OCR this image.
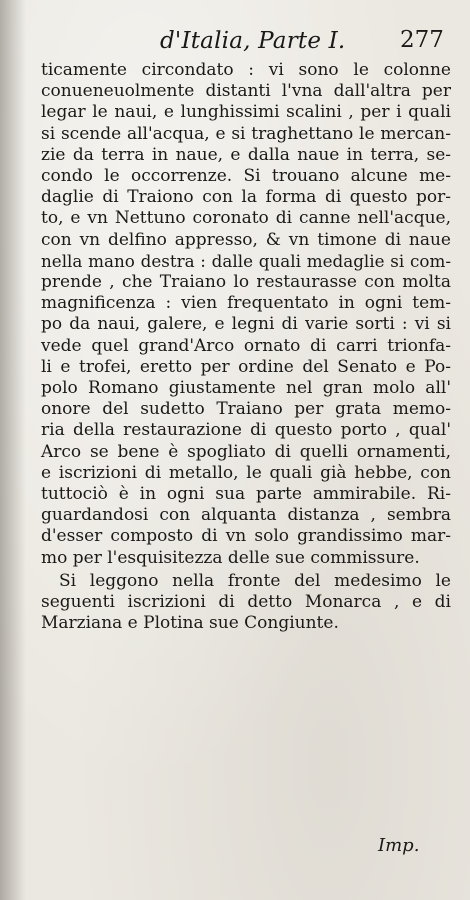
d'Italia, Parte I. 277
ticamente circondato : vi sono le colonne
conueneuolmente distanti l'vna dall'altra per
legar le naui, e lunghissimi scalini , per i quali
si scende all'acqua, e si traghettano le mercan-
zie da terra in naue, e dalla naue in terra, se-
condo le occorrenze. Si trouano alcune me-
daglie di Traiono con la forma di questo por-
to, e vn Nettuno coronato di canne nell'acque,
con vn delfino appresso, & vn timone di naue
nella mano destra : dalle quali medaglie si com-
prende , che Traiano lo restaurasse con molta
magnificenza : vien frequentato in ogni tem-
po da naui, galere, e legni di varie sorti : vi si
vede quel grand'Arco ornato di carri trionfa-
li e trofei, eretto per ordine del Senato e Po-
polo Romano giustamente nel gran molo all'
onore del sudetto Traiano per grata memo-
ria della restaurazione di questo porto , qual'
Arco se bene è spogliato di quelli ornamenti,
e iscrizioni di metallo, le quali già hebbe, con
tuttociò è in ogni sua parte ammirabile. Ri-
guardandosi con alquanta distanza , sembra
d'esser composto di vn solo grandissimo mar-
mo per l'esquisitezza delle sue commissure.
Si leggono nella fronte del medesimo le
seguenti iscrizioni di detto Monarca , e di
Marziana e Plotina sue Congiunte.
Imp.
